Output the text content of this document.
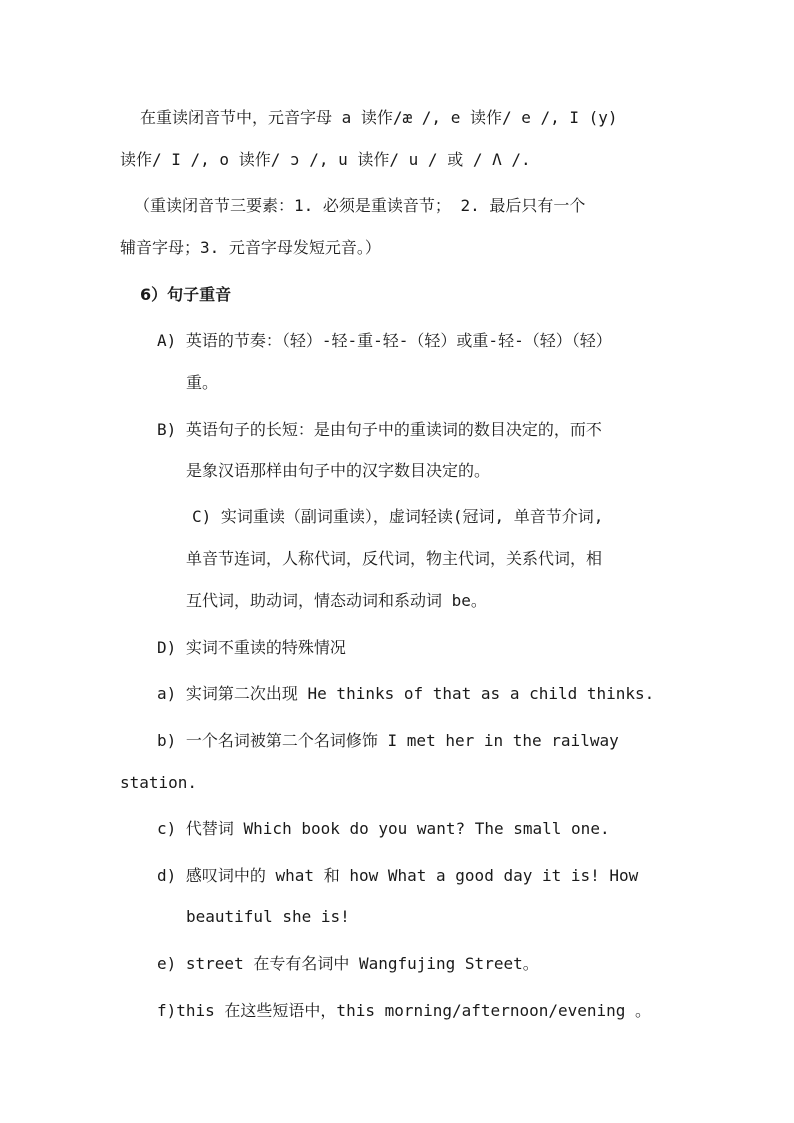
在重读闭音节中，元音字母 a 读作/æ /, e 读作/ e /, I (y)
读作/ I /, o 读作/ ɔ /, u 读作/ u / 或 / Λ /.
（重读闭音节三要素：1. 必须是重读音节； 2. 最后只有一个
辅音字母；3. 元音字母发短元音。）
6）句子重音
A) 英语的节奏：（轻）-轻-重-轻-（轻）或重-轻-（轻）（轻）
重。
B) 英语句子的长短：是由句子中的重读词的数目决定的，而不
是象汉语那样由句子中的汉字数目决定的。
C) 实词重读（副词重读），虚词轻读(冠词, 单音节介词,
单音节连词，人称代词，反代词，物主代词，关系代词，相
互代词，助动词，情态动词和系动词 be。
D) 实词不重读的特殊情况
a) 实词第二次出现 He thinks of that as a child thinks.
b) 一个名词被第二个名词修饰 I met her in the railway
station.
c) 代替词 Which book do you want? The small one.
d) 感叹词中的 what 和 how What a good day it is! How
beautiful she is!
e) street 在专有名词中 Wangfujing Street。
f)this 在这些短语中，this morning/afternoon/evening 。
